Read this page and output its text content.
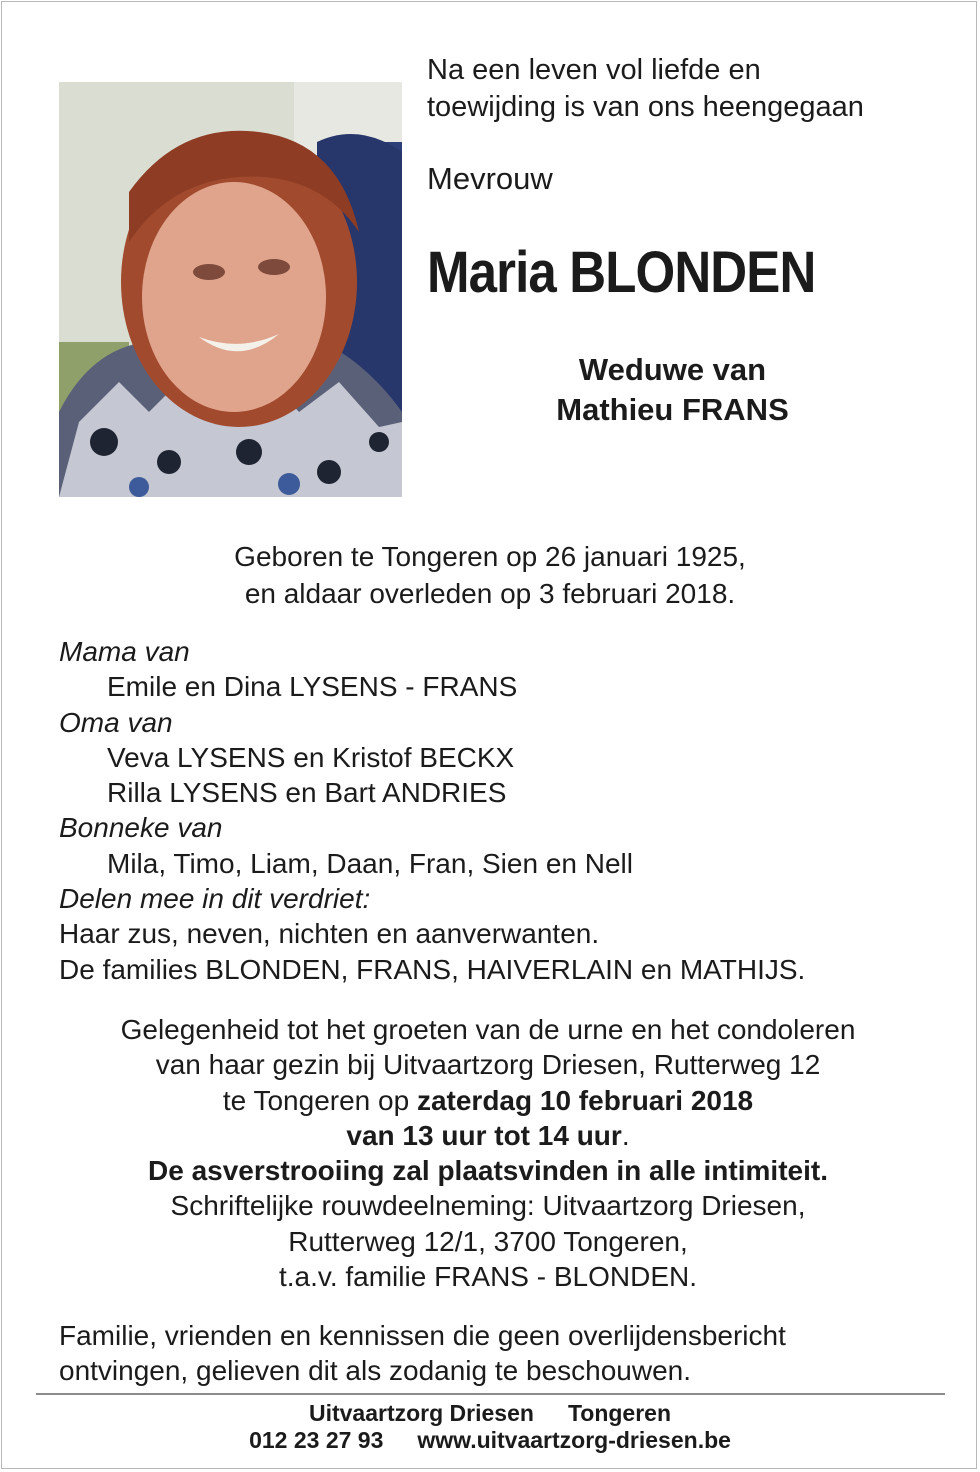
Na een leven vol liefde en
toewijding is van ons heengegaan
Mevrouw
Maria BLONDEN
Weduwe van
Mathieu FRANS
Geboren te Tongeren op 26 januari 1925,
en aldaar overleden op 3 februari 2018.
Mama van
Emile en Dina LYSENS - FRANS
Oma van
Veva LYSENS en Kristof BECKX
Rilla LYSENS en Bart ANDRIES
Bonneke van
Mila, Timo, Liam, Daan, Fran, Sien en Nell
Delen mee in dit verdriet:
Haar zus, neven, nichten en aanverwanten.
De families BLONDEN, FRANS, HAIVERLAIN en MATHIJS.
Gelegenheid tot het groeten van de urne en het condoleren
van haar gezin bij Uitvaartzorg Driesen, Rutterweg 12
te Tongeren op zaterdag 10 februari 2018
van 13 uur tot 14 uur.
De asverstrooiing zal plaatsvinden in alle intimiteit.
Schriftelijke rouwdeelneming: Uitvaartzorg Driesen,
Rutterweg 12/1, 3700 Tongeren,
t.a.v. familie FRANS - BLONDEN.
Familie, vrienden en kennissen die geen overlijdensbericht
ontvingen, gelieven dit als zodanig te beschouwen.
Uitvaartzorg Driesen Tongeren
012 23 27 93 www.uitvaartzorg-driesen.be
